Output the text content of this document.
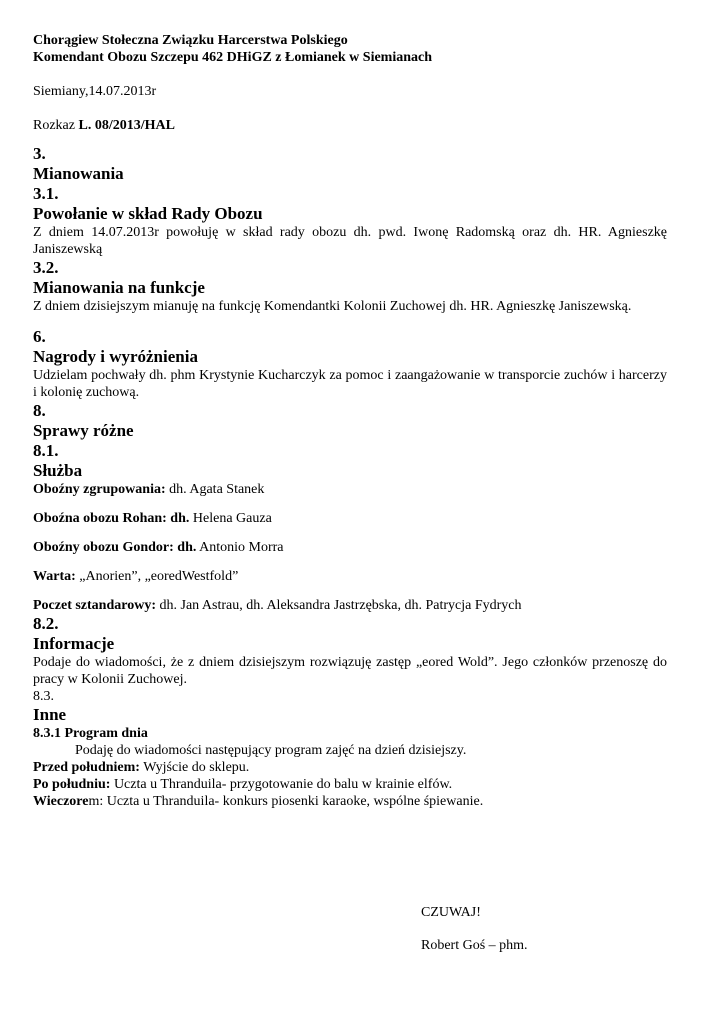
Chorągiew Stołeczna Związku Harcerstwa Polskiego

Komendant Obozu Szczepu 462 DHiGZ z Łomianek w Siemianach

Siemiany,14.07.2013r

Rozkaz L. 08/2013/HAL

3.

Mianowania

3.1.

Powołanie w skład Rady Obozu

Z dniem 14.07.2013r powołuję w skład rady obozu dh. pwd. Iwonę Radomską oraz dh. HR. Agnieszkę Janiszewską

3.2.

Mianowania na funkcje

Z dniem dzisiejszym mianuję na funkcję Komendantki Kolonii Zuchowej dh. HR. Agnieszkę Janiszewską.

6.

Nagrody i wyróżnienia

Udzielam pochwały dh. phm Krystynie Kucharczyk za pomoc i zaangażowanie w transporcie zuchów i harcerzy i kolonię zuchową.

8.

Sprawy różne

8.1.

Służba

Oboźny zgrupowania: dh. Agata Stanek

Oboźna obozu Rohan: dh. Helena Gauza

Oboźny obozu Gondor: dh. Antonio Morra

Warta: „Anorien”, „eoredWestfold”

Poczet sztandarowy: dh. Jan Astrau, dh. Aleksandra Jastrzębska, dh. Patrycja Fydrych

8.2.

Informacje

Podaje do wiadomości, że z dniem dzisiejszym rozwiązuję zastęp „eored Wold”. Jego członków przenoszę do pracy w Kolonii Zuchowej.

8.3.

Inne

8.3.1 Program dnia

Podaję do wiadomości następujący program zajęć na dzień dzisiejszy.

Przed południem: Wyjście do sklepu.

Po południu: Uczta u Thranduila- przygotowanie do balu w krainie elfów.

Wieczorem: Uczta u Thranduila- konkurs piosenki karaoke, wspólne śpiewanie.

CZUWAJ!

Robert Goś – phm.
